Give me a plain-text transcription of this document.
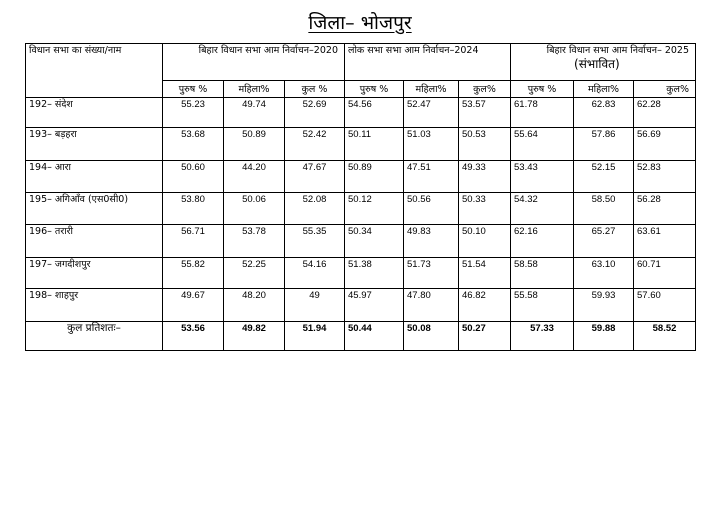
जिला– भोजपुर
विधान सभा का संख्या/नाम	बिहार विधान सभा आम निर्वाचन–2020			लोक सभा सभा आम निर्वाचन–2024			बिहार विधान सभा आम निर्वाचन– 2025
(संभावित)		

	पुरुष %	महिला%	कुल %	पुरुष %	महिला%	कुल%	पुरुष %	महिला%	कुल%
192– संदेश	55.23	49.74	52.69	54.56	52.47	53.57	61.78	62.83	62.28
193– बड़हरा	53.68	50.89	52.42	50.11	51.03	50.53	55.64	57.86	56.69
194– आरा	50.60	44.20	47.67	50.89	47.51	49.33	53.43	52.15	52.83
195– अगिआँव (एस0सी0)	53.80	50.06	52.08	50.12	50.56	50.33	54.32	58.50	56.28
196– तरारी	56.71	53.78	55.35	50.34	49.83	50.10	62.16	65.27	63.61
197– जगदीशपुर	55.82	52.25	54.16	51.38	51.73	51.54	58.58	63.10	60.71
198– शाहपुर	49.67	48.20	49	45.97	47.80	46.82	55.58	59.93	57.60
कुल प्रतिशतः–	53.56	49.82	51.94	50.44	50.08	50.27	57.33	59.88	58.52
